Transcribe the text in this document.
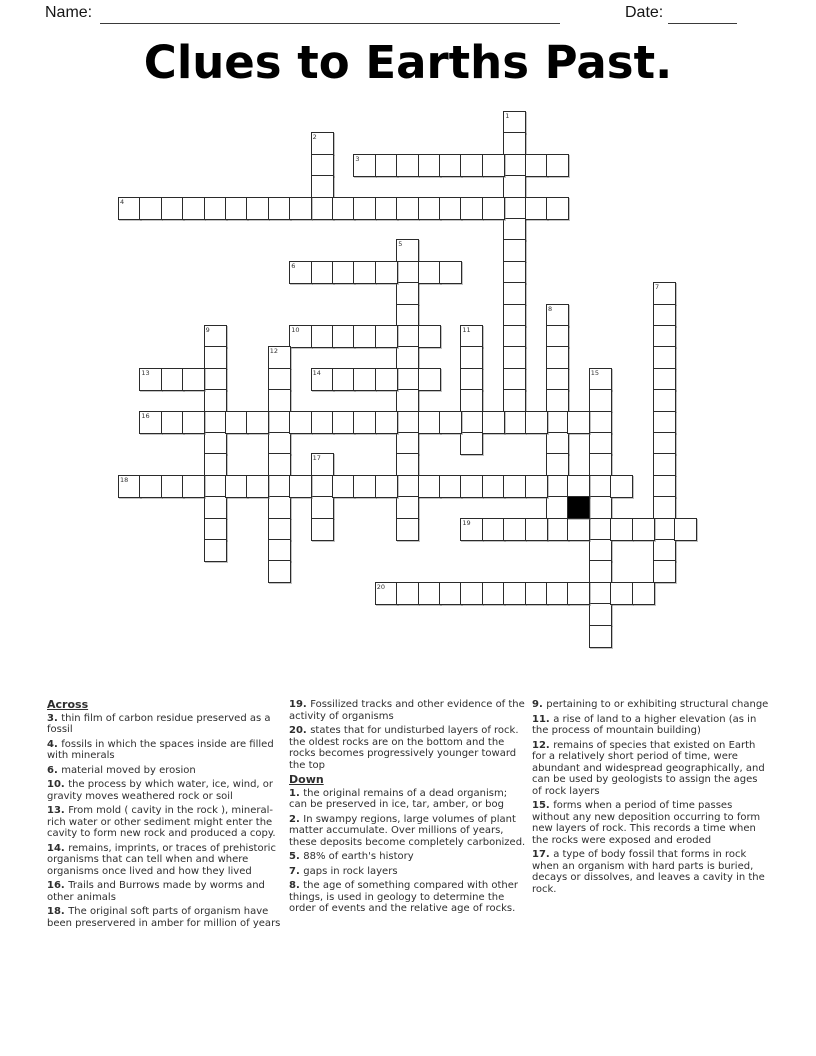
Name:	Date:
Clues to Earths Past.
1
2
3
4
5
6
7
8
9	10	11
12
13	14	15
16
17
18
19
20
Across
3. thin film of carbon residue preserved as a fossil
4. fossils in which the spaces inside are filled with minerals
6. material moved by erosion
10. the process by which water, ice, wind, or gravity moves weathered rock or soil
13. From mold ( cavity in the rock ), mineral-rich water or other sediment might enter the cavity to form new rock and produced a copy.
14. remains, imprints, or traces of prehistoric organisms that can tell when and where organisms once lived and how they lived
16. Trails and Burrows made by worms and other animals
18. The original soft parts of organism have been preservered in amber for million of years
19. Fossilized tracks and other evidence of the activity of organisms
20. states that for undisturbed layers of rock. the oldest rocks are on the bottom and the rocks becomes progressively younger toward the top
Down
1. the original remains of a dead organism; can be preserved in ice, tar, amber, or bog
2. In swampy regions, large volumes of plant matter accumulate. Over millions of years, these deposits become completely carbonized.
5. 88% of earth's history
7. gaps in rock layers
8. the age of something compared with other things, is used in geology to determine the order of events and the relative age of rocks.
9. pertaining to or exhibiting structural change
11. a rise of land to a higher elevation (as in the process of mountain building)
12. remains of species that existed on Earth for a relatively short period of time, were abundant and widespread geographically, and can be used by geologists to assign the ages of rock layers
15. forms when a period of time passes without any new deposition occurring to form new layers of rock. This records a time when the rocks were exposed and eroded
17. a type of body fossil that forms in rock when an organism with hard parts is buried, decays or dissolves, and leaves a cavity in the rock.
